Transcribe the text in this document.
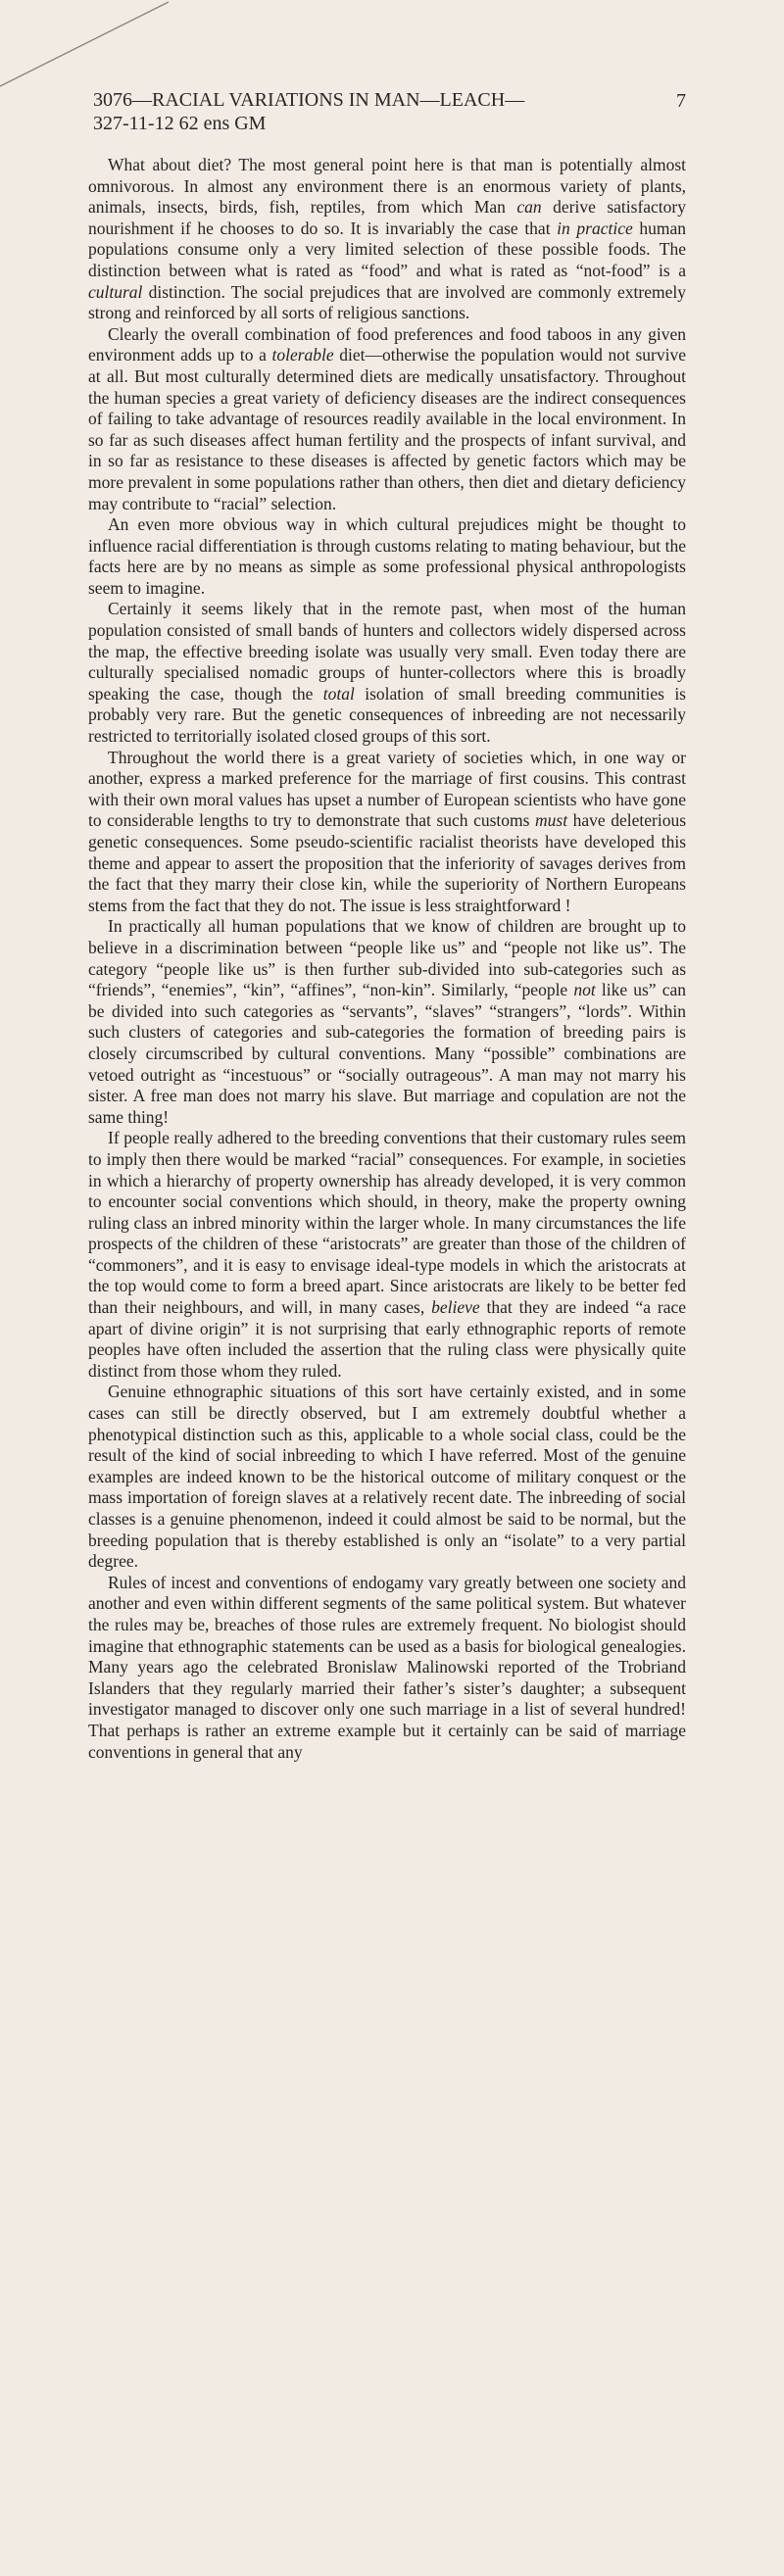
3076—RACIAL VARIATIONS IN MAN—LEACH—
327-11-12 62 ens GM
7

What about diet? The most general point here is that man is potentially almost omnivorous. In almost any environment there is an enormous variety of plants, animals, insects, birds, fish, reptiles, from which Man can derive satisfactory nourishment if he chooses to do so. It is invariably the case that in practice human populations consume only a very limited selection of these possible foods. The distinction between what is rated as “food” and what is rated as “not-food” is a cultural distinction. The social prejudices that are involved are commonly extremely strong and reinforced by all sorts of religious sanctions.

Clearly the overall combination of food preferences and food taboos in any given environment adds up to a tolerable diet—otherwise the population would not survive at all. But most culturally determined diets are medically unsatisfactory. Throughout the human species a great variety of deficiency diseases are the indirect consequences of failing to take advantage of resources readily available in the local environment. In so far as such diseases affect human fertility and the prospects of infant survival, and in so far as resistance to these diseases is affected by genetic factors which may be more prevalent in some populations rather than others, then diet and dietary deficiency may contribute to “racial” selection.

An even more obvious way in which cultural prejudices might be thought to influence racial differentiation is through customs relating to mating behaviour, but the facts here are by no means as simple as some professional physical anthropologists seem to imagine.

Certainly it seems likely that in the remote past, when most of the human population consisted of small bands of hunters and collectors widely dispersed across the map, the effective breeding isolate was usually very small. Even today there are culturally specialised nomadic groups of hunter-collectors where this is broadly speaking the case, though the total isolation of small breeding communities is probably very rare. But the genetic consequences of inbreeding are not necessarily restricted to territorially isolated closed groups of this sort.

Throughout the world there is a great variety of societies which, in one way or another, express a marked preference for the marriage of first cousins. This contrast with their own moral values has upset a number of European scientists who have gone to considerable lengths to try to demonstrate that such customs must have deleterious genetic consequences. Some pseudo-scientific racialist theorists have developed this theme and appear to assert the proposition that the inferiority of savages derives from the fact that they marry their close kin, while the superiority of Northern Europeans stems from the fact that they do not. The issue is less straightforward !

In practically all human populations that we know of children are brought up to believe in a discrimination between “people like us” and “people not like us”. The category “people like us” is then further sub-divided into sub-categories such as “friends”, “enemies”, “kin”, “affines”, “non-kin”. Similarly, “people not like us” can be divided into such categories as “servants”, “slaves” “strangers”, “lords”. Within such clusters of categories and sub-categories the formation of breeding pairs is closely circumscribed by cultural conventions. Many “possible” combinations are vetoed outright as “incestuous” or “socially outrageous”. A man may not marry his sister. A free man does not marry his slave. But marriage and copulation are not the same thing!

If people really adhered to the breeding conventions that their customary rules seem to imply then there would be marked “racial” consequences. For example, in societies in which a hierarchy of property ownership has already developed, it is very common to encounter social conventions which should, in theory, make the property owning ruling class an inbred minority within the larger whole. In many circumstances the life prospects of the children of these “aristocrats” are greater than those of the children of “commoners”, and it is easy to envisage ideal-type models in which the aristocrats at the top would come to form a breed apart. Since aristocrats are likely to be better fed than their neighbours, and will, in many cases, believe that they are indeed “a race apart of divine origin” it is not surprising that early ethnographic reports of remote peoples have often included the assertion that the ruling class were physically quite distinct from those whom they ruled.

Genuine ethnographic situations of this sort have certainly existed, and in some cases can still be directly observed, but I am extremely doubtful whether a phenotypical distinction such as this, applicable to a whole social class, could be the result of the kind of social inbreeding to which I have referred. Most of the genuine examples are indeed known to be the historical outcome of military conquest or the mass importation of foreign slaves at a relatively recent date. The inbreeding of social classes is a genuine phenomenon, indeed it could almost be said to be normal, but the breeding population that is thereby established is only an “isolate” to a very partial degree.

Rules of incest and conventions of endogamy vary greatly between one society and another and even within different segments of the same political system. But whatever the rules may be, breaches of those rules are extremely frequent. No biologist should imagine that ethnographic statements can be used as a basis for biological genealogies. Many years ago the celebrated Bronislaw Malinowski reported of the Trobriand Islanders that they regularly married their father’s sister’s daughter; a subsequent investigator managed to discover only one such marriage in a list of several hundred! That perhaps is rather an extreme example but it certainly can be said of marriage conventions in general that any
